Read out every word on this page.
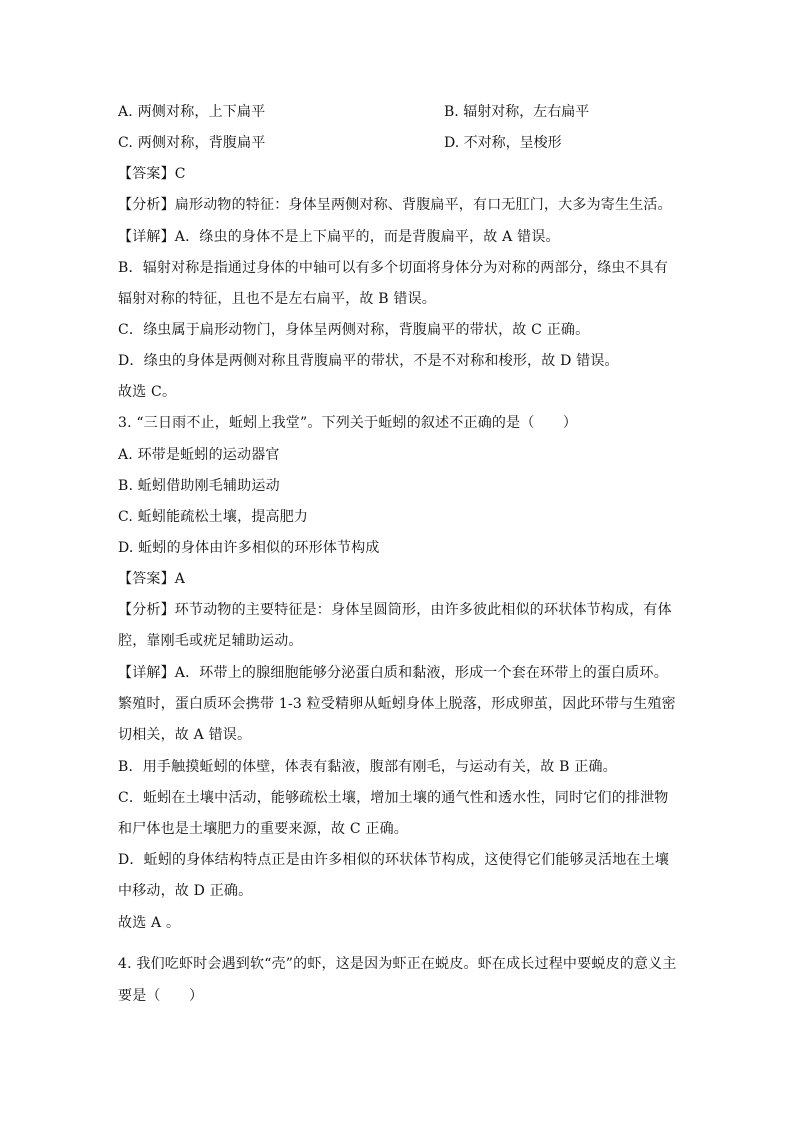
A. 两侧对称，上下扁平	B. 辐射对称，左右扁平
C. 两侧对称，背腹扁平	D. 不对称，呈梭形
【答案】C
【分析】扁形动物的特征：身体呈两侧对称、背腹扁平，有口无肛门，大多为寄生生活。
【详解】A．绦虫的身体不是上下扁平的，而是背腹扁平，故 A 错误。
B．辐射对称是指通过身体的中轴可以有多个切面将身体分为对称的两部分，绦虫不具有
辐射对称的特征，且也不是左右扁平，故 B 错误。
C．绦虫属于扁形动物门，身体呈两侧对称，背腹扁平的带状，故 C 正确。
D．绦虫的身体是两侧对称且背腹扁平的带状，不是不对称和梭形，故 D 错误。
故选 C。
3. “三日雨不止，蚯蚓上我堂”。下列关于蚯蚓的叙述不正确的是（　　）
A. 环带是蚯蚓的运动器官
B. 蚯蚓借助刚毛辅助运动
C. 蚯蚓能疏松土壤，提高肥力
D. 蚯蚓的身体由许多相似的环形体节构成
【答案】A
【分析】环节动物的主要特征是：身体呈圆筒形，由许多彼此相似的环状体节构成，有体
腔，靠刚毛或疣足辅助运动。
【详解】A．环带上的腺细胞能够分泌蛋白质和黏液，形成一个套在环带上的蛋白质环。
繁殖时，蛋白质环会携带 1-3 粒受精卵从蚯蚓身体上脱落，形成卵茧，因此环带与生殖密
切相关，故 A 错误。
B．用手触摸蚯蚓的体壁，体表有黏液，腹部有刚毛，与运动有关，故 B 正确。
C．蚯蚓在土壤中活动，能够疏松土壤，增加土壤的通气性和透水性，同时它们的排泄物
和尸体也是土壤肥力的重要来源，故 C 正确。
D．蚯蚓的身体结构特点正是由许多相似的环状体节构成，这使得它们能够灵活地在土壤
中移动，故 D 正确。
故选 A 。
4. 我们吃虾时会遇到软“壳”的虾，这是因为虾正在蜕皮。虾在成长过程中要蜕皮的意义主
要是（　　）
